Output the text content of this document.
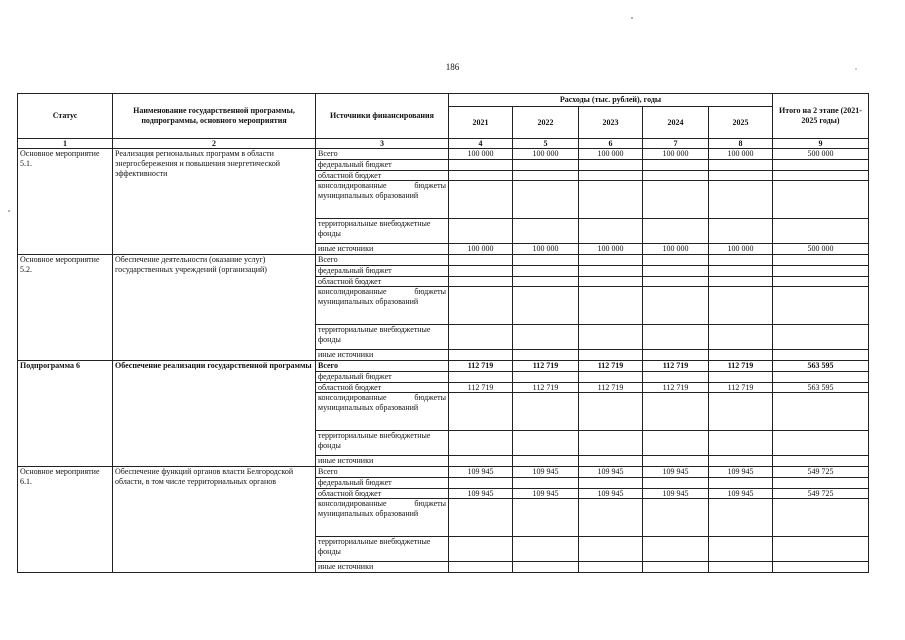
186
Статус	Наименование государственной программы, подпрограммы, основного мероприятия	Источники финансирования	Расходы (тыс. рублей), годы					Итого на 2 этапе (2021-2025 годы)
			2021	2022	2023	2024	2025	
1	2	3	4	5	6	7	8	9
Основное мероприятие 5.1.	Реализация региональных программ в области энергосбережения и повышения энергетической эффективности	Всего	100 000	100 000	100 000	100 000	100 000	500 000
		федеральный бюджет						
		областной бюджет						
		консолидированные бюджеты муниципальных образований						
		территориальные внебюджетные фонды						
		иные источники	100 000	100 000	100 000	100 000	100 000	500 000
Основное мероприятие 5.2.	Обеспечение деятельности (оказание услуг) государственных учреждений (организаций)	Всего						
		федеральный бюджет						
		областной бюджет						
		консолидированные бюджеты муниципальных образований						
		территориальные внебюджетные фонды						
		иные источники						
Подпрограмма 6	Обеспечение реализации государственной программы	Всего	112 719	112 719	112 719	112 719	112 719	563 595
		федеральный бюджет						
		областной бюджет	112 719	112 719	112 719	112 719	112 719	563 595
		консолидированные бюджеты муниципальных образований						
		территориальные внебюджетные фонды						
		иные источники						
Основное мероприятие 6.1.	Обеспечение функций органов власти Белгородской области, в том числе территориальных органов	Всего	109 945	109 945	109 945	109 945	109 945	549 725
		федеральный бюджет						
		областной бюджет	109 945	109 945	109 945	109 945	109 945	549 725
		консолидированные бюджеты муниципальных образований						
		территориальные внебюджетные фонды						
		иные источники						
